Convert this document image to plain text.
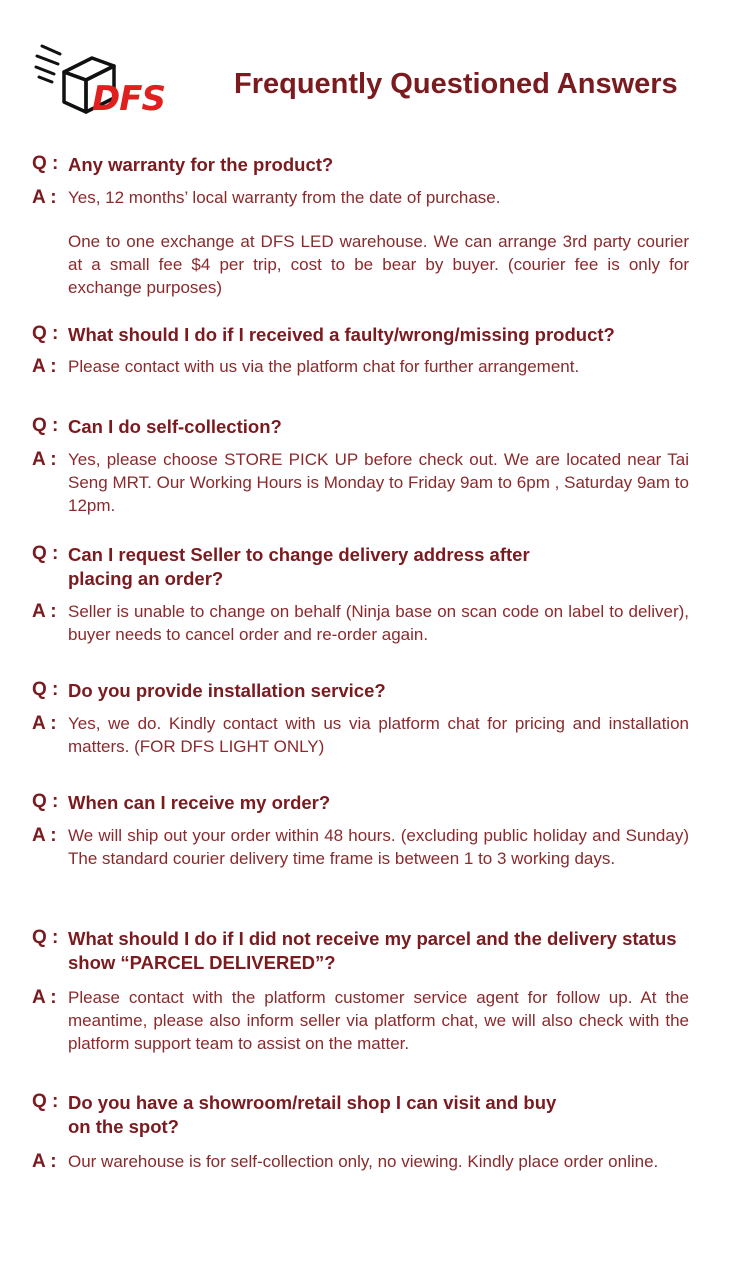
DFS Frequently Questioned Answers
Q : Any warranty for the product?
A : Yes, 12 months’ local warranty from the date of purchase.

One to one exchange at DFS LED warehouse. We can arrange 3rd party courier at a small fee $4 per trip, cost to be bear by buyer. (courier fee is only for exchange purposes)

Q : What should I do if I received a faulty/wrong/missing product?
A : Please contact with us via the platform chat for further arrangement.

Q : Can I do self-collection?
A : Yes, please choose STORE PICK UP before check out. We are located near Tai Seng MRT. Our Working Hours is Monday to Friday 9am to 6pm , Saturday 9am to 12pm.

Q : Can I request Seller to change delivery address after placing an order?
A : Seller is unable to change on behalf (Ninja base on scan code on label to deliver), buyer needs to cancel order and re-order again.

Q : Do you provide installation service?
A : Yes, we do. Kindly contact with us via platform chat for pricing and installation matters. (FOR DFS LIGHT ONLY)

Q : When can I receive my order?
A : We will ship out your order within 48 hours. (excluding public holiday and Sunday) The standard courier delivery time frame is between 1 to 3 working days.

Q : What should I do if I did not receive my parcel and the delivery status show “PARCEL DELIVERED”?
A : Please contact with the platform customer service agent for follow up. At the meantime, please also inform seller via platform chat, we will also check with the platform support team to assist on the matter.

Q : Do you have a showroom/retail shop I can visit and buy on the spot?
A : Our warehouse is for self-collection only, no viewing. Kindly place order online.
